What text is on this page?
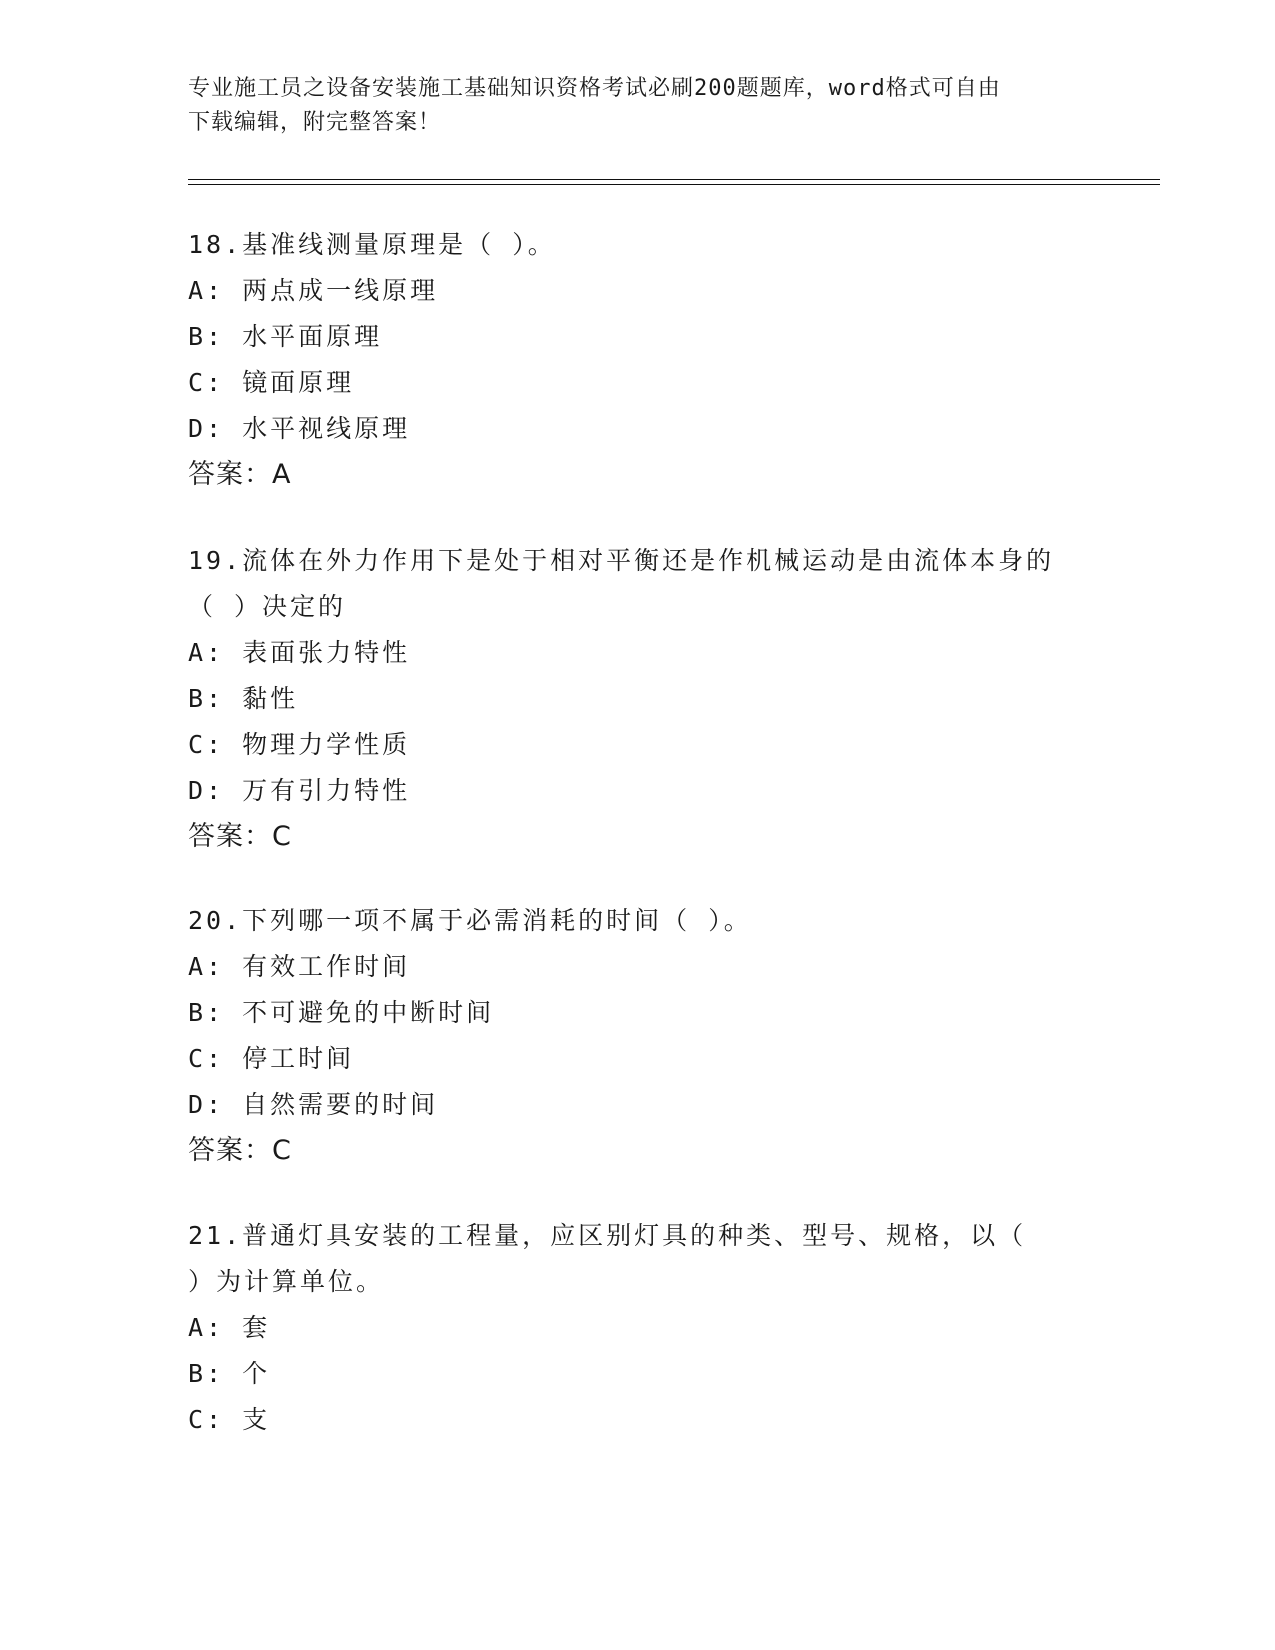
专业施工员之设备安装施工基础知识资格考试必刷200题题库，word格式可自由
下载编辑，附完整答案！
18.基准线测量原理是（ ）。
A: 两点成一线原理
B: 水平面原理
C: 镜面原理
D: 水平视线原理
答案：A
19.流体在外力作用下是处于相对平衡还是作机械运动是由流体本身的
（ ）决定的
A: 表面张力特性
B: 黏性
C: 物理力学性质
D: 万有引力特性
答案：C
20.下列哪一项不属于必需消耗的时间（ ）。
A: 有效工作时间
B: 不可避免的中断时间
C: 停工时间
D: 自然需要的时间
答案：C
21.普通灯具安装的工程量，应区别灯具的种类、型号、规格，以（
）为计算单位。
A: 套
B: 个
C: 支
